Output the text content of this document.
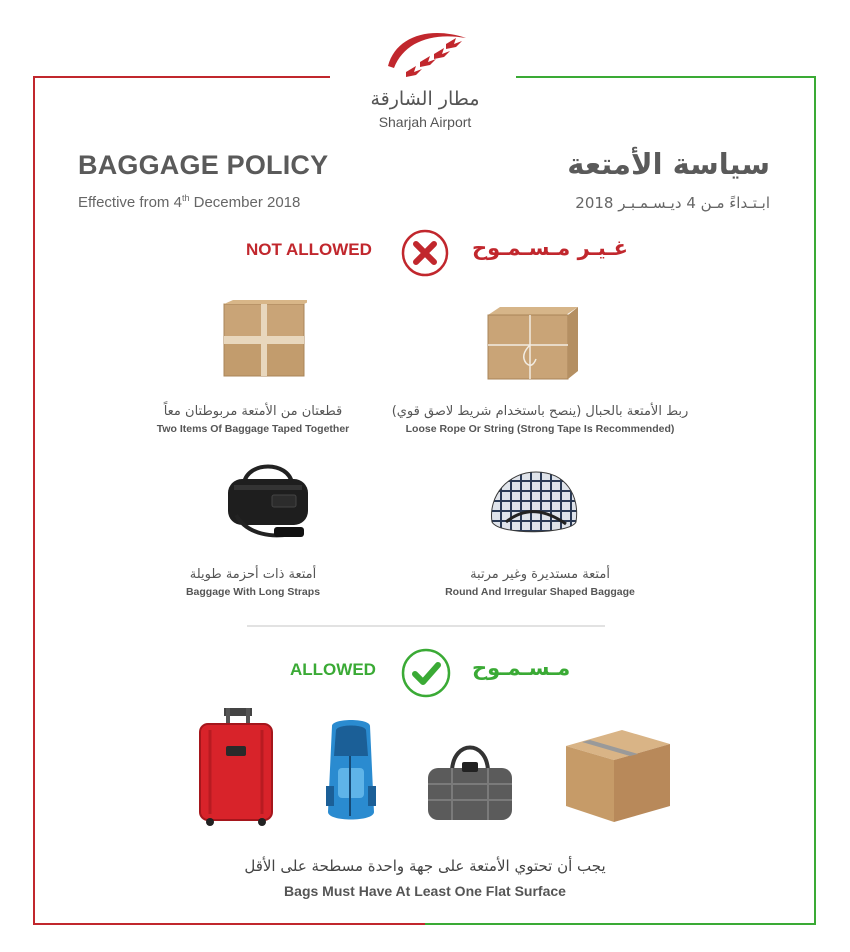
مطار الشارقة
Sharjah Airport
BAGGAGE POLICY
Effective from 4th December 2018
سياسة الأمتعة
ابـتـداءً مـن 4 ديـسـمـبـر 2018
NOT ALLOWED	غـيـر مـسـمـوح
قطعتان من الأمتعة مربوطتان معاً
Two Items Of Baggage Taped Together
ربط الأمتعة بالحبال (ينصح باستخدام شريط لاصق قوي)
Loose Rope Or String (Strong Tape Is Recommended)
أمتعة ذات أحزمة طويلة
Baggage With Long Straps
أمتعة مستديرة وغير مرتبة
Round And Irregular Shaped Baggage
ALLOWED	مـسـمـوح
يجب أن تحتوي الأمتعة على جهة واحدة مسطحة على الأقل
Bags Must Have At Least One Flat Surface
